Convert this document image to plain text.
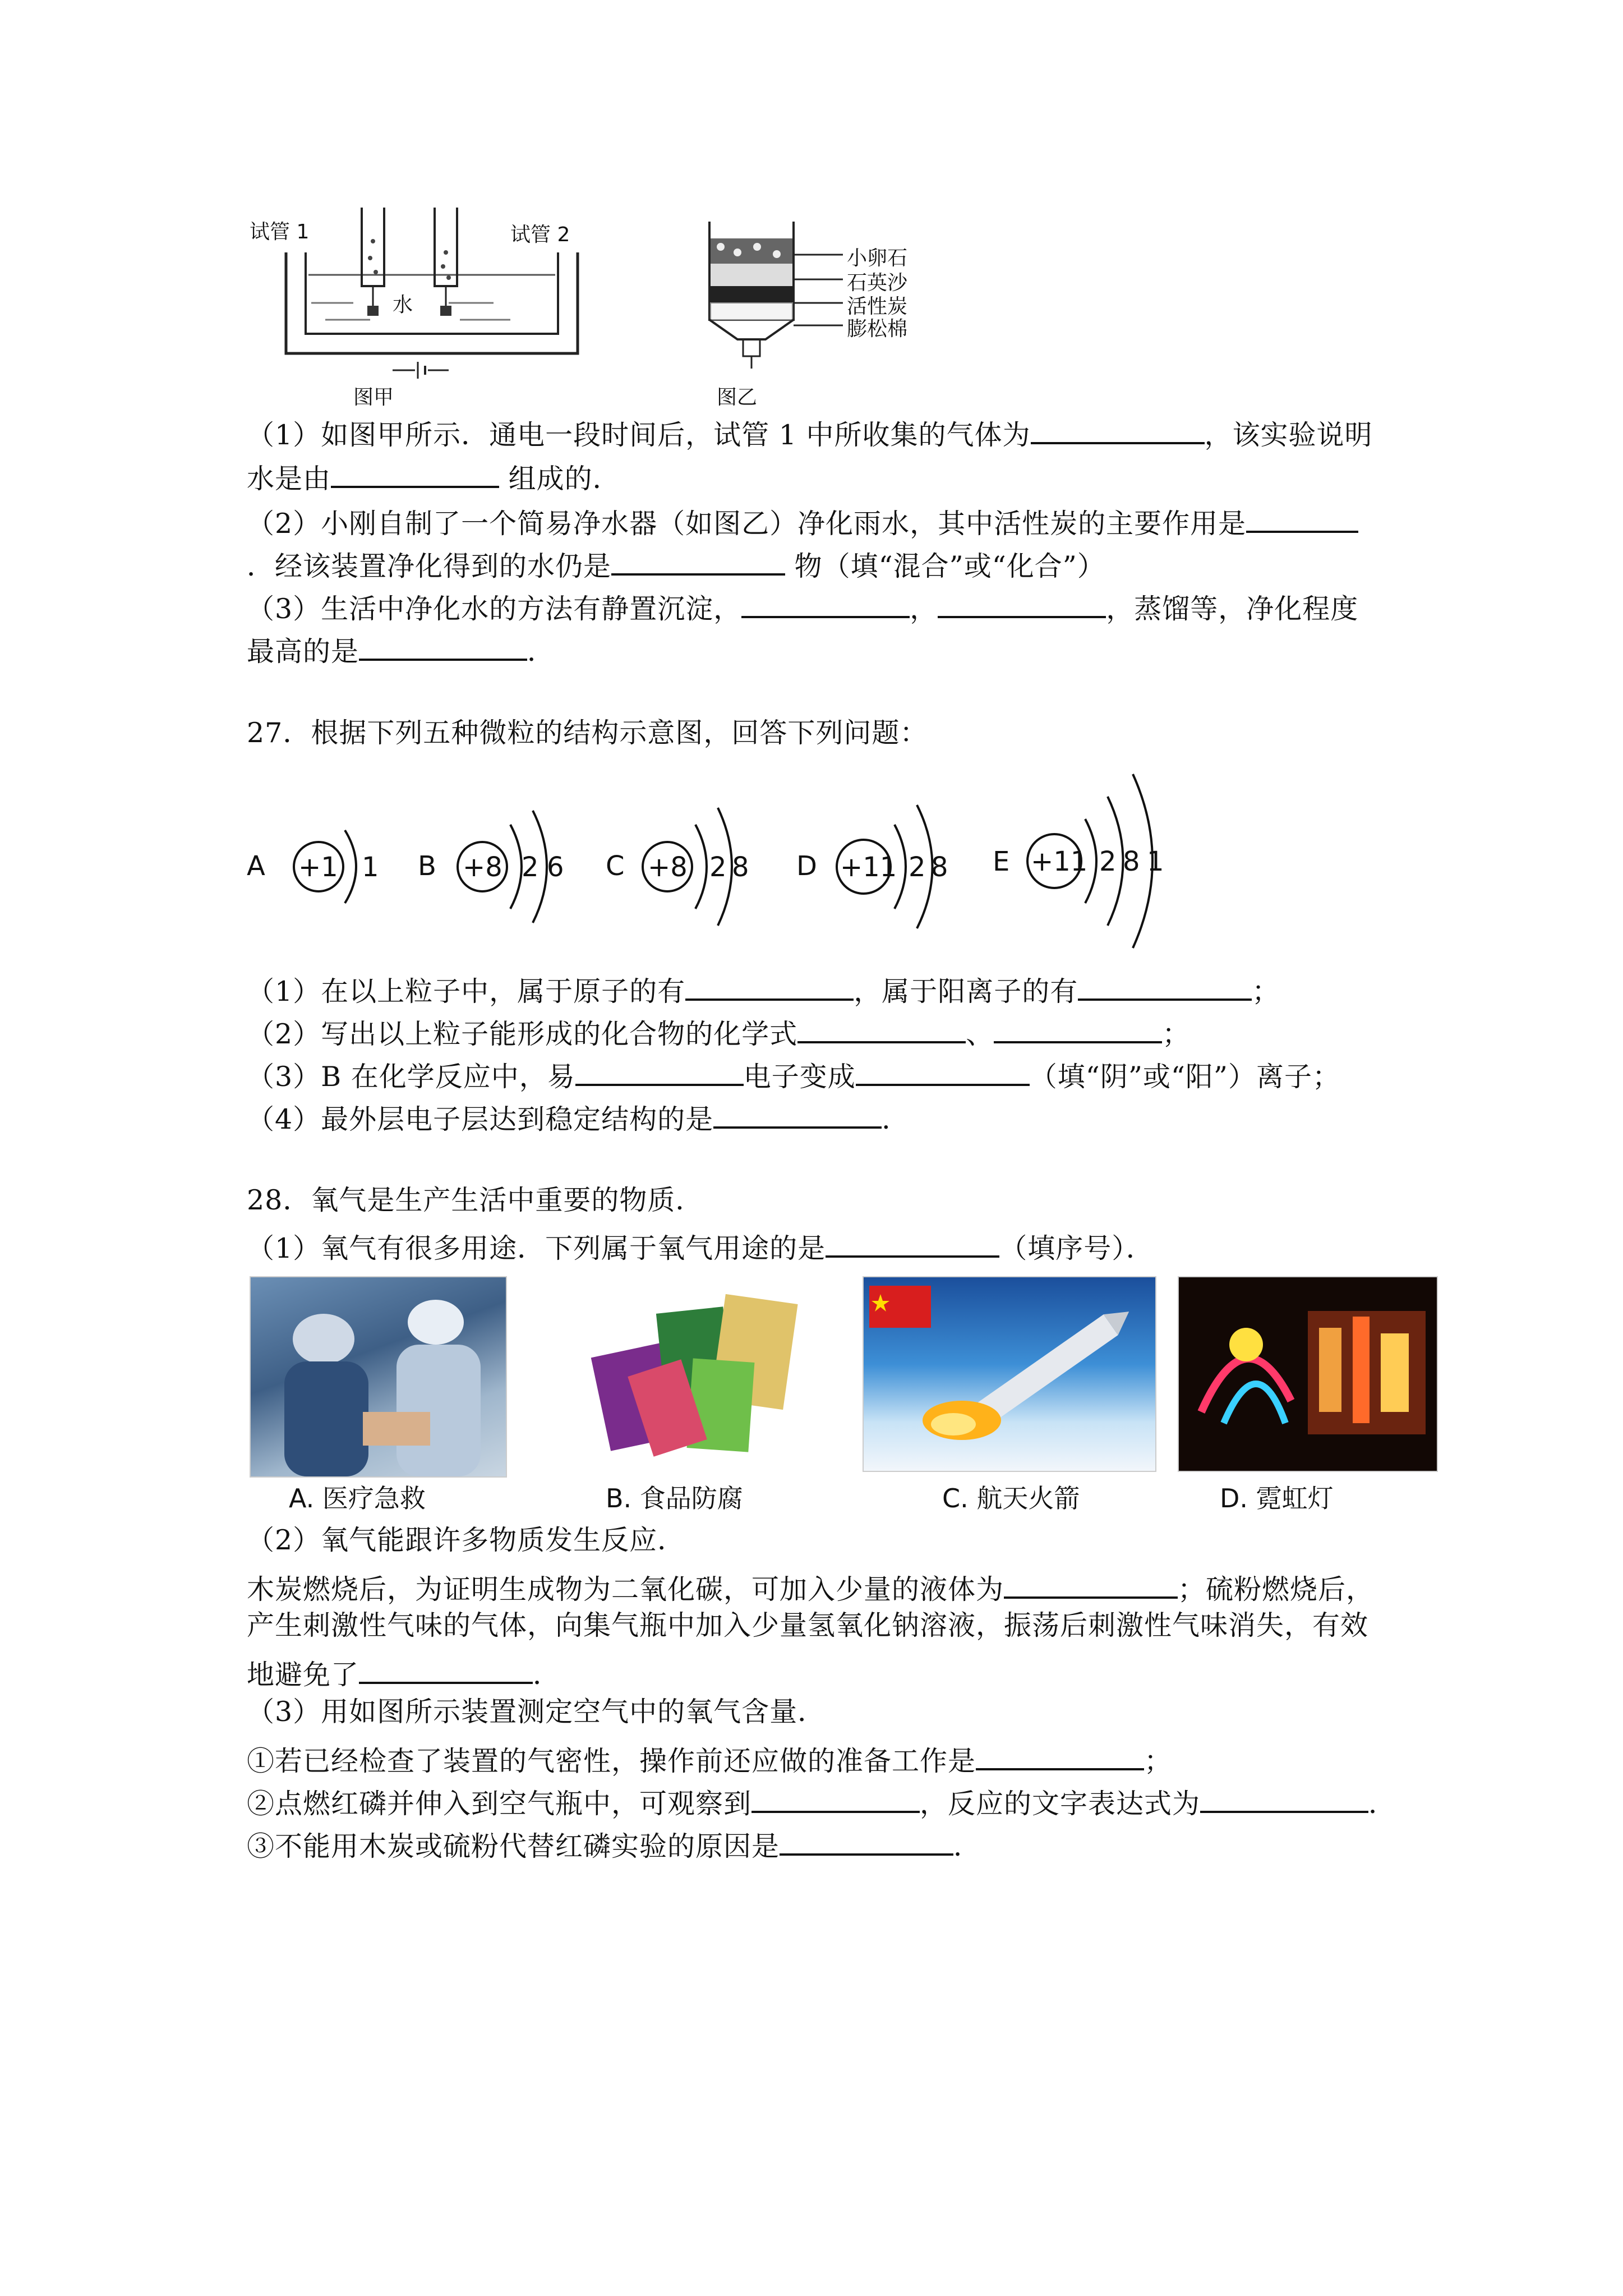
试管 1	试管 2
水
图甲
小卵石
石英沙
活性炭
膨松棉
图乙
（1）如图甲所示．通电一段时间后，试管 1 中所收集的气体为	，该实验说明
水是由	组成的．
（2）小刚自制了一个简易净水器（如图乙）净化雨水，其中活性炭的主要作用是
．经该装置净化得到的水仍是	物（填“混合”或“化合”）
（3）生活中净化水的方法有静置沉淀，	，	，蒸馏等，净化程度
最高的是	．
27．根据下列五种微粒的结构示意图，回答下列问题：
A +1 1 B +8 2 6 C +8 2 8 D +11 2 8 E +11 2 8 1
（1）在以上粒子中，属于原子的有	，属于阳离子的有	；
（2）写出以上粒子能形成的化合物的化学式	、	；
（3）B 在化学反应中，易	电子变成	（填“阴”或“阳”）离子；
（4）最外层电子层达到稳定结构的是	．
28．氧气是生产生活中重要的物质．
（1）氧气有很多用途．下列属于氧气用途的是	（填序号）．
A. 医疗急救	B. 食品防腐	C. 航天火箭	D. 霓虹灯
（2）氧气能跟许多物质发生反应．
木炭燃烧后，为证明生成物为二氧化碳，可加入少量的液体为	；硫粉燃烧后，
产生刺激性气味的气体，向集气瓶中加入少量氢氧化钠溶液，振荡后刺激性气味消失，有效
地避免了	．
（3）用如图所示装置测定空气中的氧气含量．
①若已经检查了装置的气密性，操作前还应做的准备工作是	；
②点燃红磷并伸入到空气瓶中，可观察到	，反应的文字表达式为	．
③不能用木炭或硫粉代替红磷实验的原因是	．
